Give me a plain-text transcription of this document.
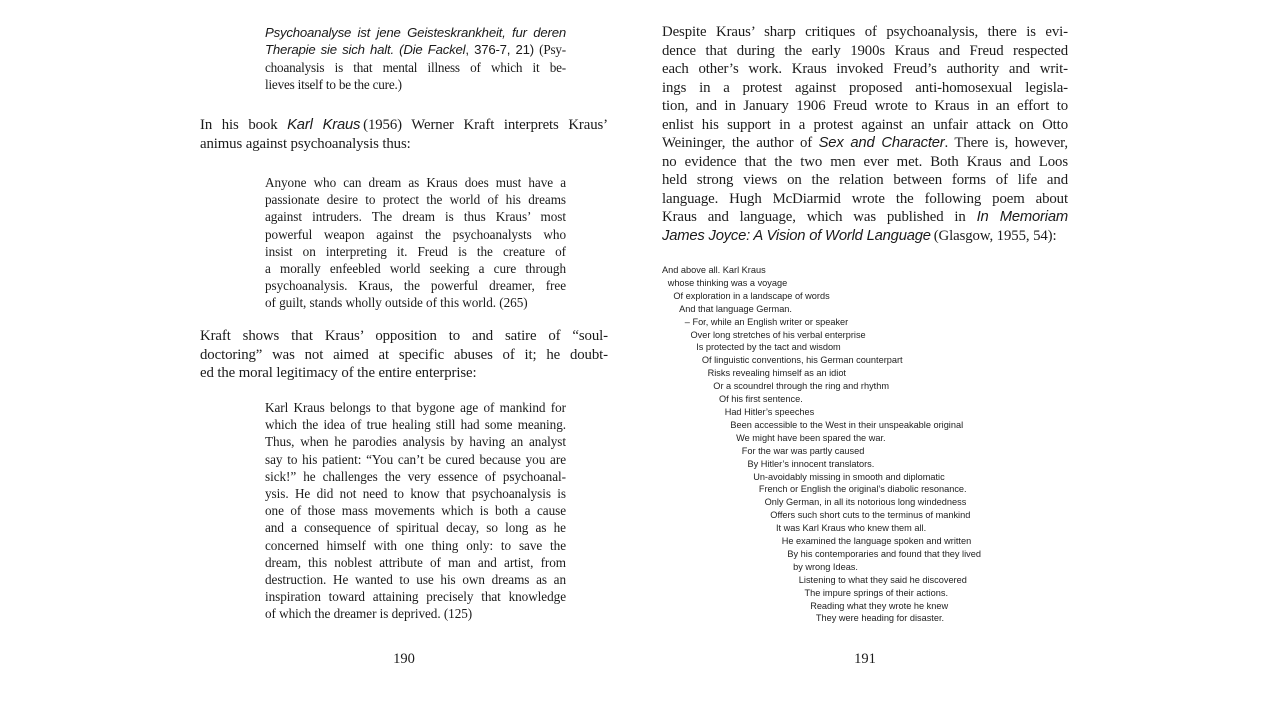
Psychoanalyse ist jene Geisteskrankheit, fur deren
Therapie sie sich halt. (Die Fackel, 376-7, 21) (Psy-
choanalysis is that mental illness of which it be-
lieves itself to be the cure.)
In his book Karl Kraus (1956) Werner Kraft interprets Kraus’
animus against psychoanalysis thus:
Anyone who can dream as Kraus does must have a
passionate desire to protect the world of his dreams
against intruders. The dream is thus Kraus’ most
powerful weapon against the psychoanalysts who
insist on interpreting it. Freud is the creature of
a morally enfeebled world seeking a cure through
psychoanalysis. Kraus, the powerful dreamer, free
of guilt, stands wholly outside of this world. (265)
Kraft shows that Kraus’ opposition to and satire of “soul-
doctoring” was not aimed at specific abuses of it; he doubt-
ed the moral legitimacy of the entire enterprise:
Karl Kraus belongs to that bygone age of mankind for
which the idea of true healing still had some meaning.
Thus, when he parodies analysis by having an analyst
say to his patient: “You can’t be cured because you are
sick!” he challenges the very essence of psychoanal-
ysis. He did not need to know that psychoanalysis is
one of those mass movements which is both a cause
and a consequence of spiritual decay, so long as he
concerned himself with one thing only: to save the
dream, this noblest attribute of man and artist, from
destruction. He wanted to use his own dreams as an
inspiration toward attaining precisely that knowledge
of which the dreamer is deprived. (125)
190
Despite Kraus’ sharp critiques of psychoanalysis, there is evi-
dence that during the early 1900s Kraus and Freud respected
each other’s work. Kraus invoked Freud’s authority and writ-
ings in a protest against proposed anti-homosexual legisla-
tion, and in January 1906 Freud wrote to Kraus in an effort to
enlist his support in a protest against an unfair attack on Otto
Weininger, the author of Sex and Character. There is, however,
no evidence that the two men ever met. Both Kraus and Loos
held strong views on the relation between forms of life and
language. Hugh McDiarmid wrote the following poem about
Kraus and language, which was published in In Memoriam
James Joyce: A Vision of World Language (Glasgow, 1955, 54):
And above all. Karl Kraus
whose thinking was a voyage
Of exploration in a landscape of words
And that language German.
– For, while an English writer or speaker
Over long stretches of his verbal enterprise
Is protected by the tact and wisdom
Of linguistic conventions, his German counterpart
Risks revealing himself as an idiot
Or a scoundrel through the ring and rhythm
Of his first sentence.
Had Hitler’s speeches
Been accessible to the West in their unspeakable original
We might have been spared the war.
For the war was partly caused
By Hitler’s innocent translators.
Un-avoidably missing in smooth and diplomatic
French or English the original’s diabolic resonance.
Only German, in all its notorious long windedness
Offers such short cuts to the terminus of mankind
It was Karl Kraus who knew them all.
He examined the language spoken and written
By his contemporaries and found that they lived
by wrong Ideas.
Listening to what they said he discovered
The impure springs of their actions.
Reading what they wrote he knew
They were heading for disaster.
191
